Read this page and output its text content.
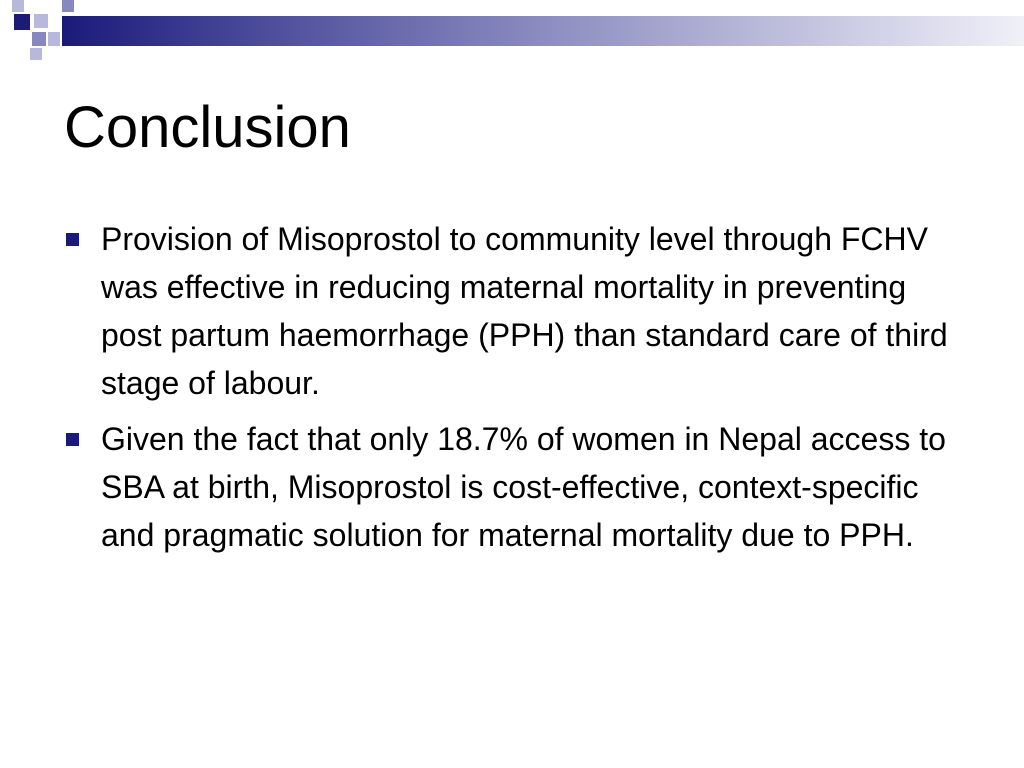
Conclusion
Provision of Misoprostol to community level through FCHV was effective in reducing maternal mortality in preventing post partum haemorrhage (PPH) than standard care of third stage of labour.
Given the fact that only 18.7% of women in Nepal access to SBA at birth, Misoprostol is cost-effective, context-specific and pragmatic solution for maternal mortality due to PPH.
